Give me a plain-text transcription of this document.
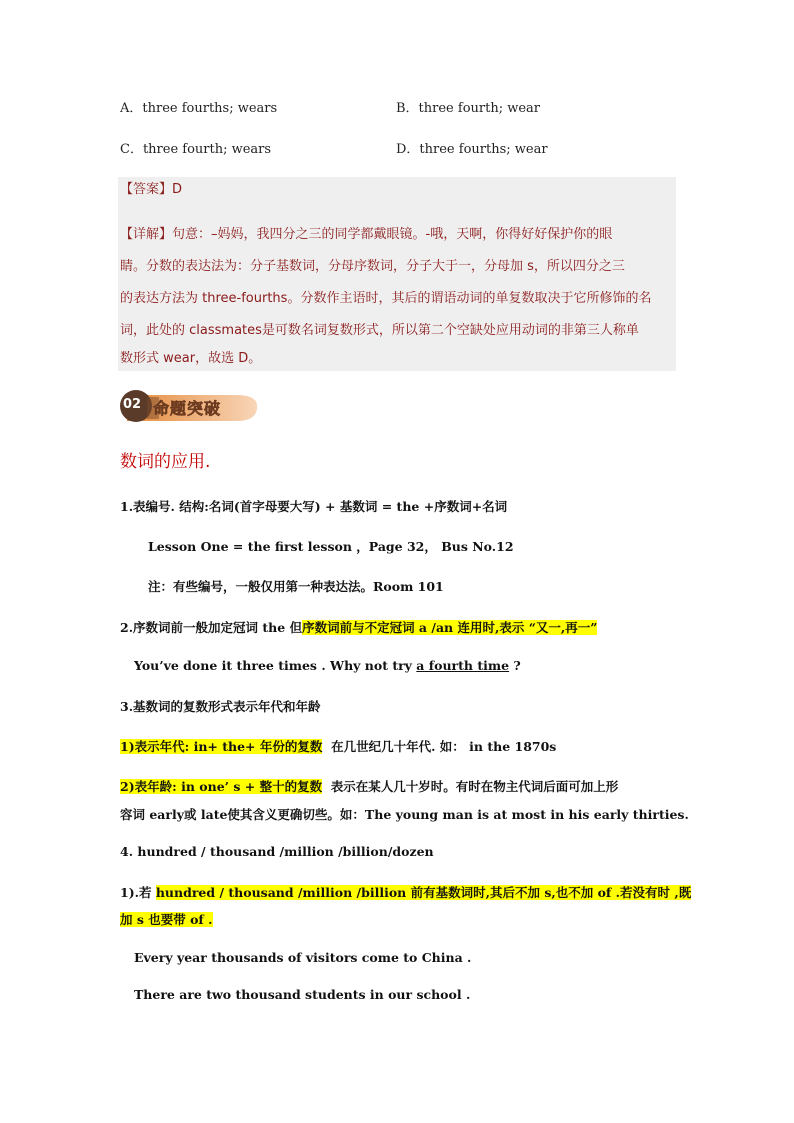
A．three fourths; wears	B．three fourth; wear
C．three fourth; wears	D．three fourths; wear
【答案】D
【详解】句意：–妈妈，我四分之三的同学都戴眼镜。-哦，天啊，你得好好保护你的眼
睛。分数的表达法为：分子基数词，分母序数词，分子大于一，分母加 s，所以四分之三
的表达方法为 three-fourths。分数作主语时，其后的谓语动词的单复数取决于它所修饰的名
词，此处的 classmates是可数名词复数形式，所以第二个空缺处应用动词的非第三人称单
数形式 wear，故选 D。
02 命题突破
数词的应用.
1.表编号. 结构:名词(首字母要大写) + 基数词 = the +序数词+名词
Lesson One = the first lesson ，Page 32， Bus No.12
注：有些编号，一般仅用第一种表达法。Room 101
2.序数词前一般加定冠词 the 但序数词前与不定冠词 a /an 连用时,表示 “又一,再一”
You’ve done it three times . Why not try a fourth time ?
3.基数词的复数形式表示年代和年龄
1)表示年代: in+ the+ 年份的复数  在几世纪几十年代. 如： in the 1870s
2)表年龄: in one’ s + 整十的复数  表示在某人几十岁时。有时在物主代词后面可加上形
容词 early或 late使其含义更确切些。如：The young man is at most in his early thirties.
4. hundred / thousand /million /billion/dozen
1).若 hundred / thousand /million /billion 前有基数词时,其后不加 s,也不加 of .若没有时 ,既
加 s 也要带 of .
Every year thousands of visitors come to China .
There are two thousand students in our school .
